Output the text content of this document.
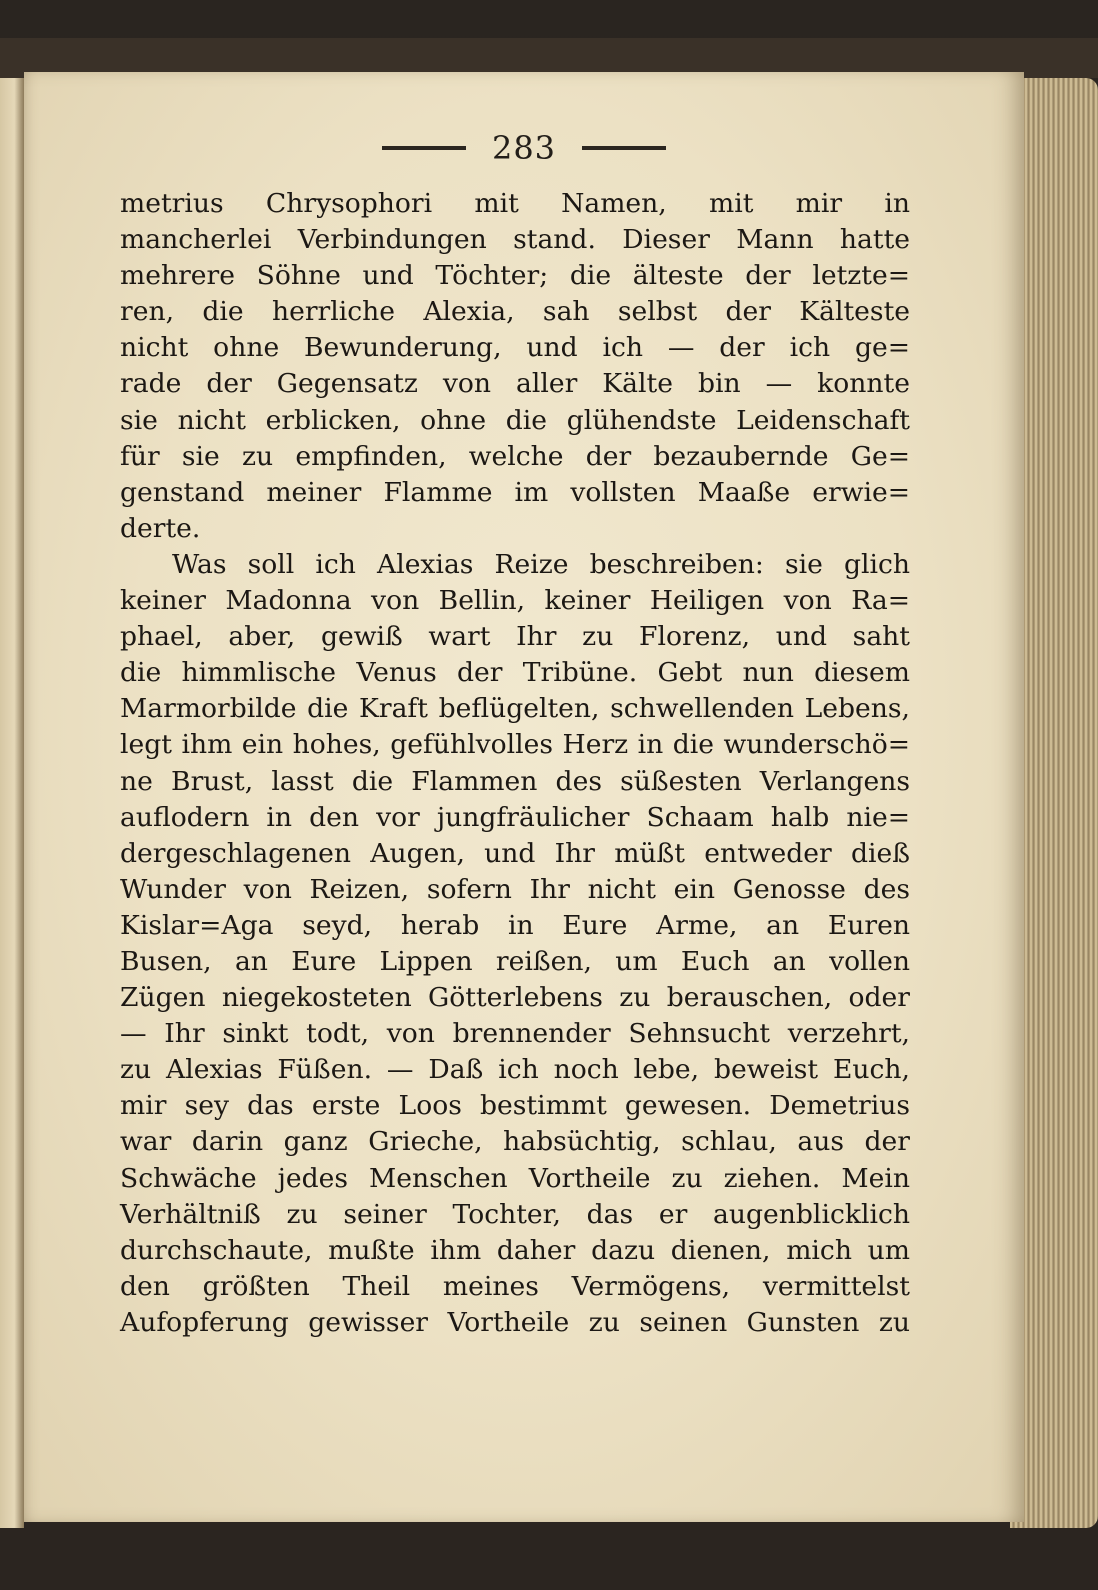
283
metrius Chrysophori mit Namen, mit mir in
mancherlei Verbindungen stand. Dieser Mann hatte
mehrere Söhne und Töchter; die älteste der letzte=
ren, die herrliche Alexia, sah selbst der Kälteste
nicht ohne Bewunderung, und ich — der ich ge=
rade der Gegensatz von aller Kälte bin — konnte
sie nicht erblicken, ohne die glühendste Leidenschaft
für sie zu empfinden, welche der bezaubernde Ge=
genstand meiner Flamme im vollsten Maaße erwie=
derte.
Was soll ich Alexias Reize beschreiben: sie glich
keiner Madonna von Bellin, keiner Heiligen von Ra=
phael, aber, gewiß wart Ihr zu Florenz, und saht
die himmlische Venus der Tribüne. Gebt nun diesem
Marmorbilde die Kraft beflügelten, schwellenden Lebens,
legt ihm ein hohes, gefühlvolles Herz in die wunderschö=
ne Brust, lasst die Flammen des süßesten Verlangens
auflodern in den vor jungfräulicher Schaam halb nie=
dergeschlagenen Augen, und Ihr müßt entweder dieß
Wunder von Reizen, sofern Ihr nicht ein Genosse des
Kislar=Aga seyd, herab in Eure Arme, an Euren
Busen, an Eure Lippen reißen, um Euch an vollen
Zügen niegekosteten Götterlebens zu berauschen, oder
— Ihr sinkt todt, von brennender Sehnsucht verzehrt,
zu Alexias Füßen. — Daß ich noch lebe, beweist Euch,
mir sey das erste Loos bestimmt gewesen. Demetrius
war darin ganz Grieche, habsüchtig, schlau, aus der
Schwäche jedes Menschen Vortheile zu ziehen. Mein
Verhältniß zu seiner Tochter, das er augenblicklich
durchschaute, mußte ihm daher dazu dienen, mich um
den größten Theil meines Vermögens, vermittelst
Aufopferung gewisser Vortheile zu seinen Gunsten zu
